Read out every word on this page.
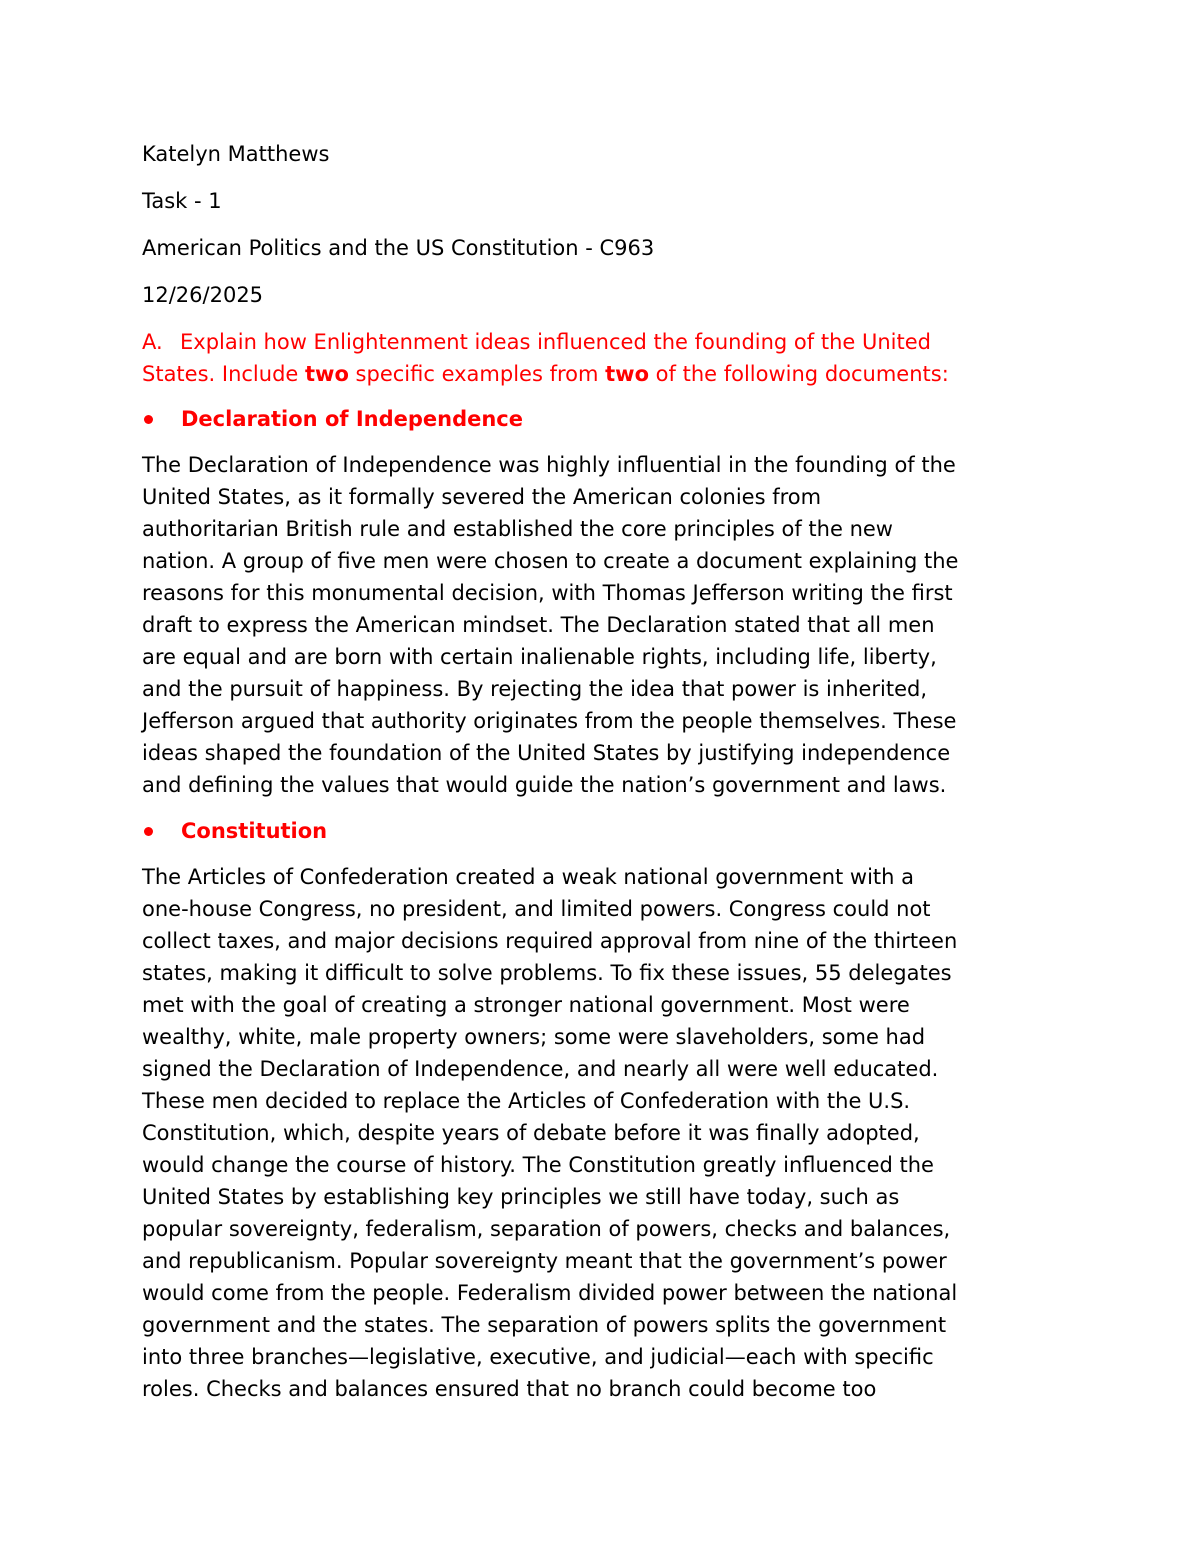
Katelyn Matthews
Task - 1
American Politics and the US Constitution - C963
12/26/2025
A. Explain how Enlightenment ideas influenced the founding of the United
States. Include two specific examples from two of the following documents:
Declaration of Independence
The Declaration of Independence was highly influential in the founding of the
United States, as it formally severed the American colonies from
authoritarian British rule and established the core principles of the new
nation. A group of five men were chosen to create a document explaining the
reasons for this monumental decision, with Thomas Jefferson writing the first
draft to express the American mindset. The Declaration stated that all men
are equal and are born with certain inalienable rights, including life, liberty,
and the pursuit of happiness. By rejecting the idea that power is inherited,
Jefferson argued that authority originates from the people themselves. These
ideas shaped the foundation of the United States by justifying independence
and defining the values that would guide the nation’s government and laws.
Constitution
The Articles of Confederation created a weak national government with a
one-house Congress, no president, and limited powers. Congress could not
collect taxes, and major decisions required approval from nine of the thirteen
states, making it difficult to solve problems. To fix these issues, 55 delegates
met with the goal of creating a stronger national government. Most were
wealthy, white, male property owners; some were slaveholders, some had
signed the Declaration of Independence, and nearly all were well educated.
These men decided to replace the Articles of Confederation with the U.S.
Constitution, which, despite years of debate before it was finally adopted,
would change the course of history. The Constitution greatly influenced the
United States by establishing key principles we still have today, such as
popular sovereignty, federalism, separation of powers, checks and balances,
and republicanism. Popular sovereignty meant that the government’s power
would come from the people. Federalism divided power between the national
government and the states. The separation of powers splits the government
into three branches—legislative, executive, and judicial—each with specific
roles. Checks and balances ensured that no branch could become too
